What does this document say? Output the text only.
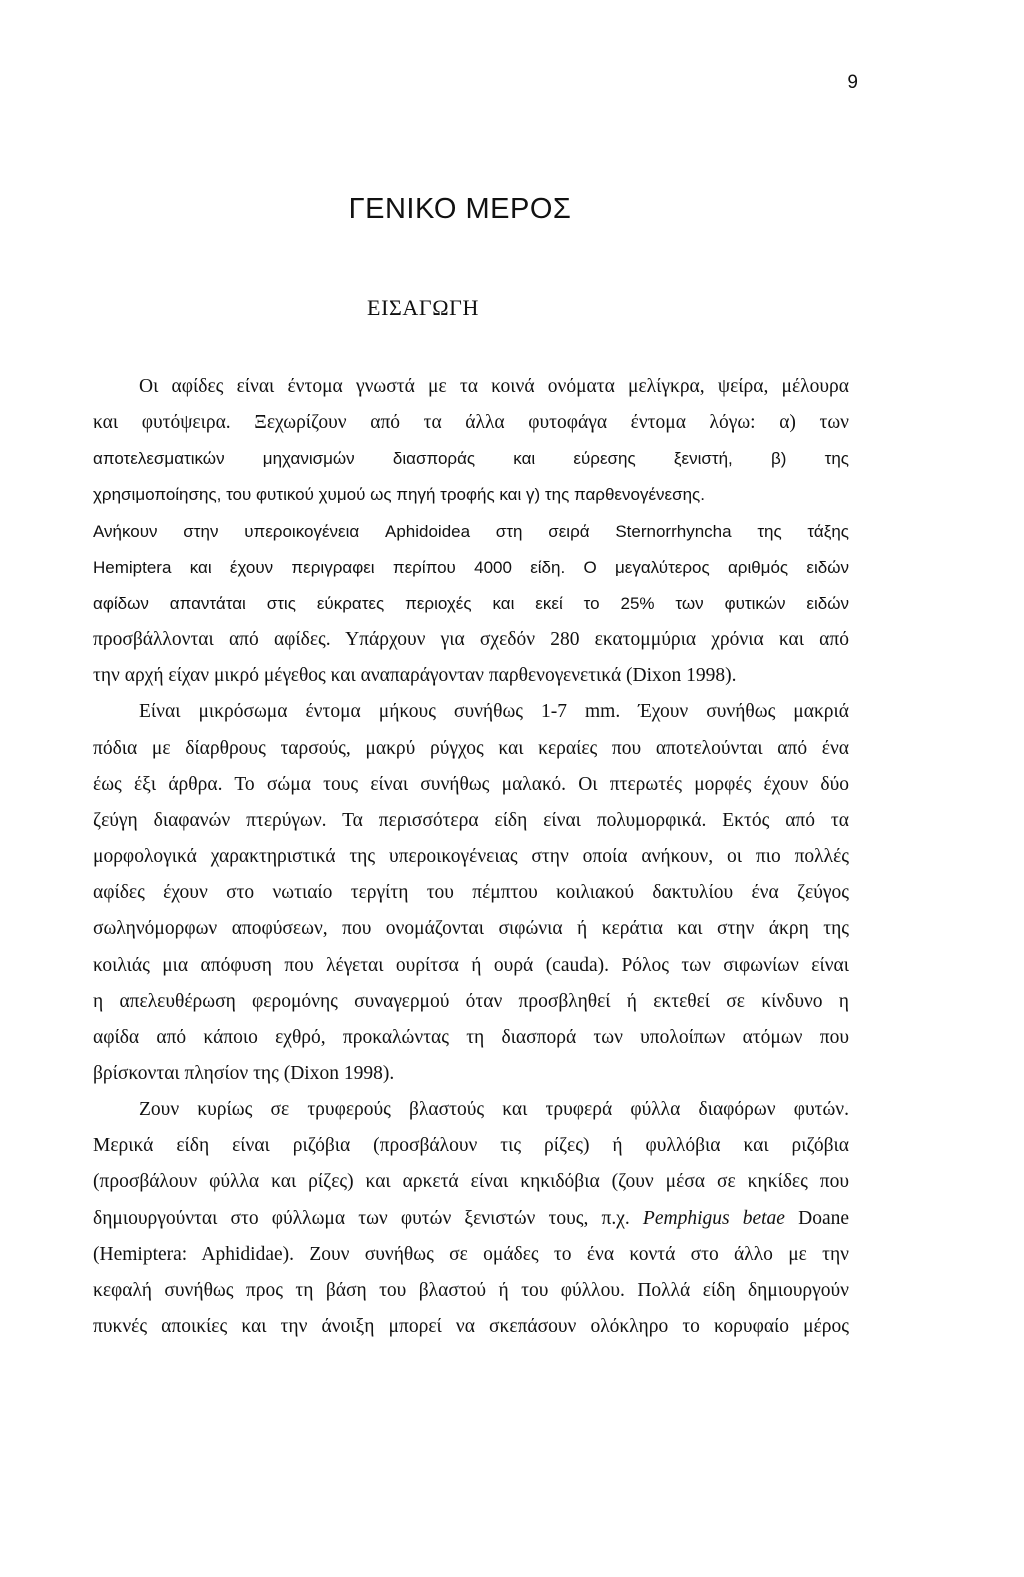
9
ΓΕΝΙΚΟ ΜΕΡΟΣ
ΕΙΣΑΓΩΓΗ
Οι αφίδες είναι έντομα γνωστά με τα κοινά ονόματα μελίγκρα, ψείρα, μέλουρα
και φυτόψειρα. Ξεχωρίζουν από τα άλλα φυτοφάγα έντομα λόγω: α) των
αποτελεσματικών μηχανισμών διασποράς και εύρεσης ξενιστή, β) της
χρησιμοποίησης, του φυτικού χυμού ως πηγή τροφής και γ) της παρθενογένεσης.
Ανήκουν στην υπεροικογένεια Aphidoidea στη σειρά Sternorrhyncha της τάξης
Hemiptera και έχουν περιγραφει περίπου 4000 είδη. Ο μεγαλύτερος αριθμός ειδών
αφίδων απαντάται στις εύκρατες περιοχές και εκεί το 25% των φυτικών ειδών
προσβάλλονται από αφίδες. Υπάρχουν για σχεδόν 280 εκατομμύρια χρόνια και από
την αρχή είχαν μικρό μέγεθος και αναπαράγονταν παρθενογενετικά (Dixon 1998).
Είναι μικρόσωμα έντομα μήκους συνήθως 1-7 mm. Έχουν συνήθως μακριά
πόδια με δίαρθρους ταρσούς, μακρύ ρύγχος και κεραίες που αποτελούνται από ένα
έως έξι άρθρα. Το σώμα τους είναι συνήθως μαλακό. Οι πτερωτές μορφές έχουν δύο
ζεύγη διαφανών πτερύγων. Τα περισσότερα είδη είναι πολυμορφικά. Εκτός από τα
μορφολογικά χαρακτηριστικά της υπεροικογένειας στην οποία ανήκουν, οι πιο πολλές
αφίδες έχουν στο νωτιαίο τεργίτη του πέμπτου κοιλιακού δακτυλίου ένα ζεύγος
σωληνόμορφων αποφύσεων, που ονομάζονται σιφώνια ή κεράτια και στην άκρη της
κοιλιάς μια απόφυση που λέγεται ουρίτσα ή ουρά (cauda). Ρόλος των σιφωνίων είναι
η απελευθέρωση φερομόνης συναγερμού όταν προσβληθεί ή εκτεθεί σε κίνδυνο η
αφίδα από κάποιο εχθρό, προκαλώντας τη διασπορά των υπολοίπων ατόμων που
βρίσκονται πλησίον της (Dixon 1998).
Ζουν κυρίως σε τρυφερούς βλαστούς και τρυφερά φύλλα διαφόρων φυτών.
Μερικά είδη είναι ριζόβια (προσβάλουν τις ρίζες) ή φυλλόβια και ριζόβια
(προσβάλουν φύλλα και ρίζες) και αρκετά είναι κηκιδόβια (ζουν μέσα σε κηκίδες που
δημιουργούνται στο φύλλωμα των φυτών ξενιστών τους, π.χ. Pemphigus betae Doane
(Hemiptera: Aphididae). Ζουν συνήθως σε ομάδες το ένα κοντά στο άλλο με την
κεφαλή συνήθως προς τη βάση του βλαστού ή του φύλλου. Πολλά είδη δημιουργούν
πυκνές αποικίες και την άνοιξη μπορεί να σκεπάσουν ολόκληρο το κορυφαίο μέρος
